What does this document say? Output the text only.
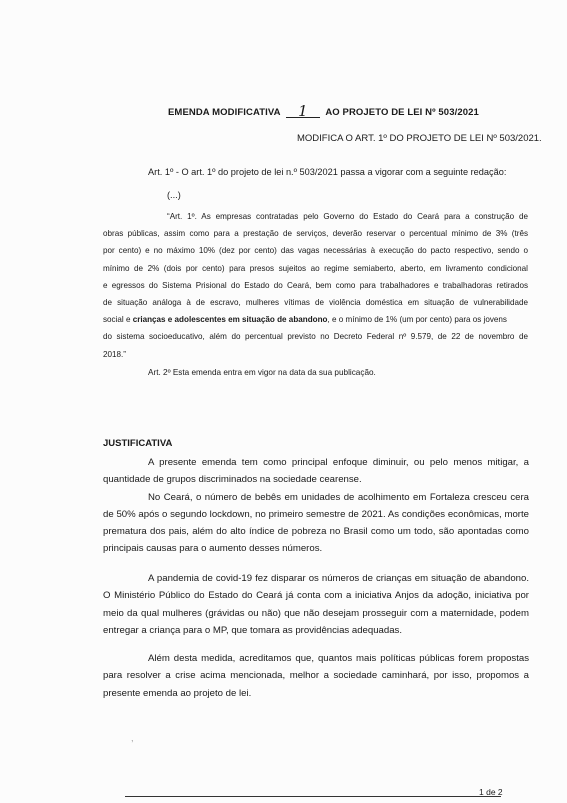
EMENDA MODIFICATIVA 1 AO PROJETO DE LEI Nº 503/2021
MODIFICA O ART. 1º DO PROJETO DE LEI Nº 503/2021.
Art. 1º - O art. 1º do projeto de lei n.º 503/2021 passa a vigorar com a seguinte redação:
(...)
“Art. 1º. As empresas contratadas pelo Governo do Estado do Ceará para a construção de
obras públicas, assim como para a prestação de serviços, deverão reservar o percentual mínimo de 3% (três
por cento) e no máximo 10% (dez por cento) das vagas necessárias à execução do pacto respectivo, sendo o
mínimo de 2% (dois por cento) para presos sujeitos ao regime semiaberto, aberto, em livramento condicional
e egressos do Sistema Prisional do Estado do Ceará, bem como para trabalhadores e trabalhadoras retirados
de situação análoga à de escravo, mulheres vítimas de violência doméstica em situação de vulnerabilidade
social e crianças e adolescentes em situação de abandono, e o mínimo de 1% (um por cento) para os jovens
do sistema socioeducativo, além do percentual previsto no Decreto Federal nº 9.579, de 22 de novembro de
2018.”
Art. 2º Esta emenda entra em vigor na data da sua publicação.
JUSTIFICATIVA
A presente emenda tem como principal enfoque diminuir, ou pelo menos mitigar, a
quantidade de grupos discriminados na sociedade cearense.
No Ceará, o número de bebês em unidades de acolhimento em Fortaleza cresceu cera
de 50% após o segundo lockdown, no primeiro semestre de 2021. As condições econômicas, morte
prematura dos pais, além do alto índice de pobreza no Brasil como um todo, são apontadas como
principais causas para o aumento desses números.
A pandemia de covid-19 fez disparar os números de crianças em situação de abandono.
O Ministério Público do Estado do Ceará já conta com a iniciativa Anjos da adoção, iniciativa por
meio da qual mulheres (grávidas ou não) que não desejam prosseguir com a maternidade, podem
entregar a criança para o MP, que tomara as providências adequadas.
Além desta medida, acreditamos que, quantos mais políticas públicas forem propostas
para resolver a crise acima mencionada, melhor a sociedade caminhará, por isso, propomos a
presente emenda ao projeto de lei.
,
1 de 2
